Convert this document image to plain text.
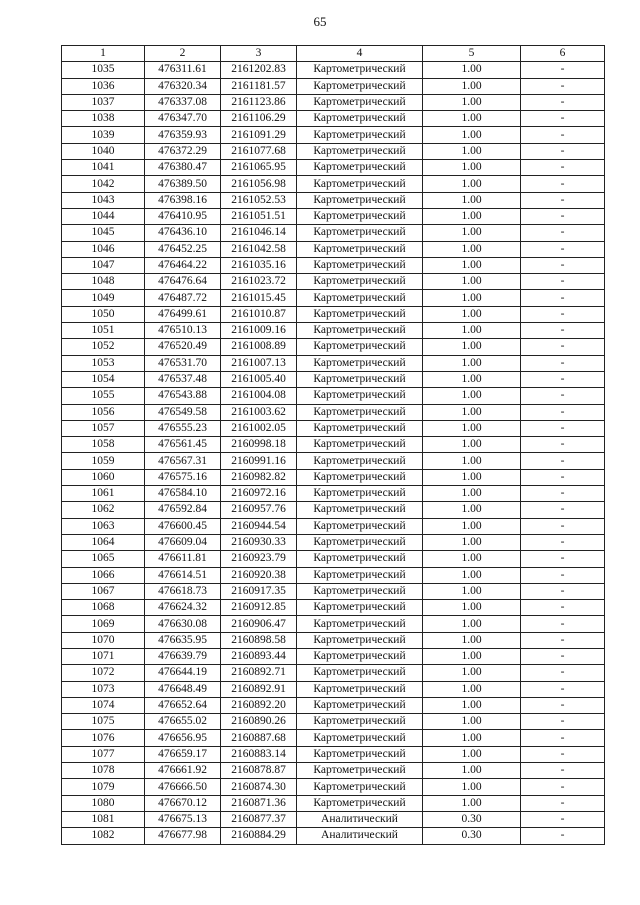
65
1	2	3	4	5	6
1035	476311.61	2161202.83	Картометрический	1.00	-
1036	476320.34	2161181.57	Картометрический	1.00	-
1037	476337.08	2161123.86	Картометрический	1.00	-
1038	476347.70	2161106.29	Картометрический	1.00	-
1039	476359.93	2161091.29	Картометрический	1.00	-
1040	476372.29	2161077.68	Картометрический	1.00	-
1041	476380.47	2161065.95	Картометрический	1.00	-
1042	476389.50	2161056.98	Картометрический	1.00	-
1043	476398.16	2161052.53	Картометрический	1.00	-
1044	476410.95	2161051.51	Картометрический	1.00	-
1045	476436.10	2161046.14	Картометрический	1.00	-
1046	476452.25	2161042.58	Картометрический	1.00	-
1047	476464.22	2161035.16	Картометрический	1.00	-
1048	476476.64	2161023.72	Картометрический	1.00	-
1049	476487.72	2161015.45	Картометрический	1.00	-
1050	476499.61	2161010.87	Картометрический	1.00	-
1051	476510.13	2161009.16	Картометрический	1.00	-
1052	476520.49	2161008.89	Картометрический	1.00	-
1053	476531.70	2161007.13	Картометрический	1.00	-
1054	476537.48	2161005.40	Картометрический	1.00	-
1055	476543.88	2161004.08	Картометрический	1.00	-
1056	476549.58	2161003.62	Картометрический	1.00	-
1057	476555.23	2161002.05	Картометрический	1.00	-
1058	476561.45	2160998.18	Картометрический	1.00	-
1059	476567.31	2160991.16	Картометрический	1.00	-
1060	476575.16	2160982.82	Картометрический	1.00	-
1061	476584.10	2160972.16	Картометрический	1.00	-
1062	476592.84	2160957.76	Картометрический	1.00	-
1063	476600.45	2160944.54	Картометрический	1.00	-
1064	476609.04	2160930.33	Картометрический	1.00	-
1065	476611.81	2160923.79	Картометрический	1.00	-
1066	476614.51	2160920.38	Картометрический	1.00	-
1067	476618.73	2160917.35	Картометрический	1.00	-
1068	476624.32	2160912.85	Картометрический	1.00	-
1069	476630.08	2160906.47	Картометрический	1.00	-
1070	476635.95	2160898.58	Картометрический	1.00	-
1071	476639.79	2160893.44	Картометрический	1.00	-
1072	476644.19	2160892.71	Картометрический	1.00	-
1073	476648.49	2160892.91	Картометрический	1.00	-
1074	476652.64	2160892.20	Картометрический	1.00	-
1075	476655.02	2160890.26	Картометрический	1.00	-
1076	476656.95	2160887.68	Картометрический	1.00	-
1077	476659.17	2160883.14	Картометрический	1.00	-
1078	476661.92	2160878.87	Картометрический	1.00	-
1079	476666.50	2160874.30	Картометрический	1.00	-
1080	476670.12	2160871.36	Картометрический	1.00	-
1081	476675.13	2160877.37	Аналитический	0.30	-
1082	476677.98	2160884.29	Аналитический	0.30	-
